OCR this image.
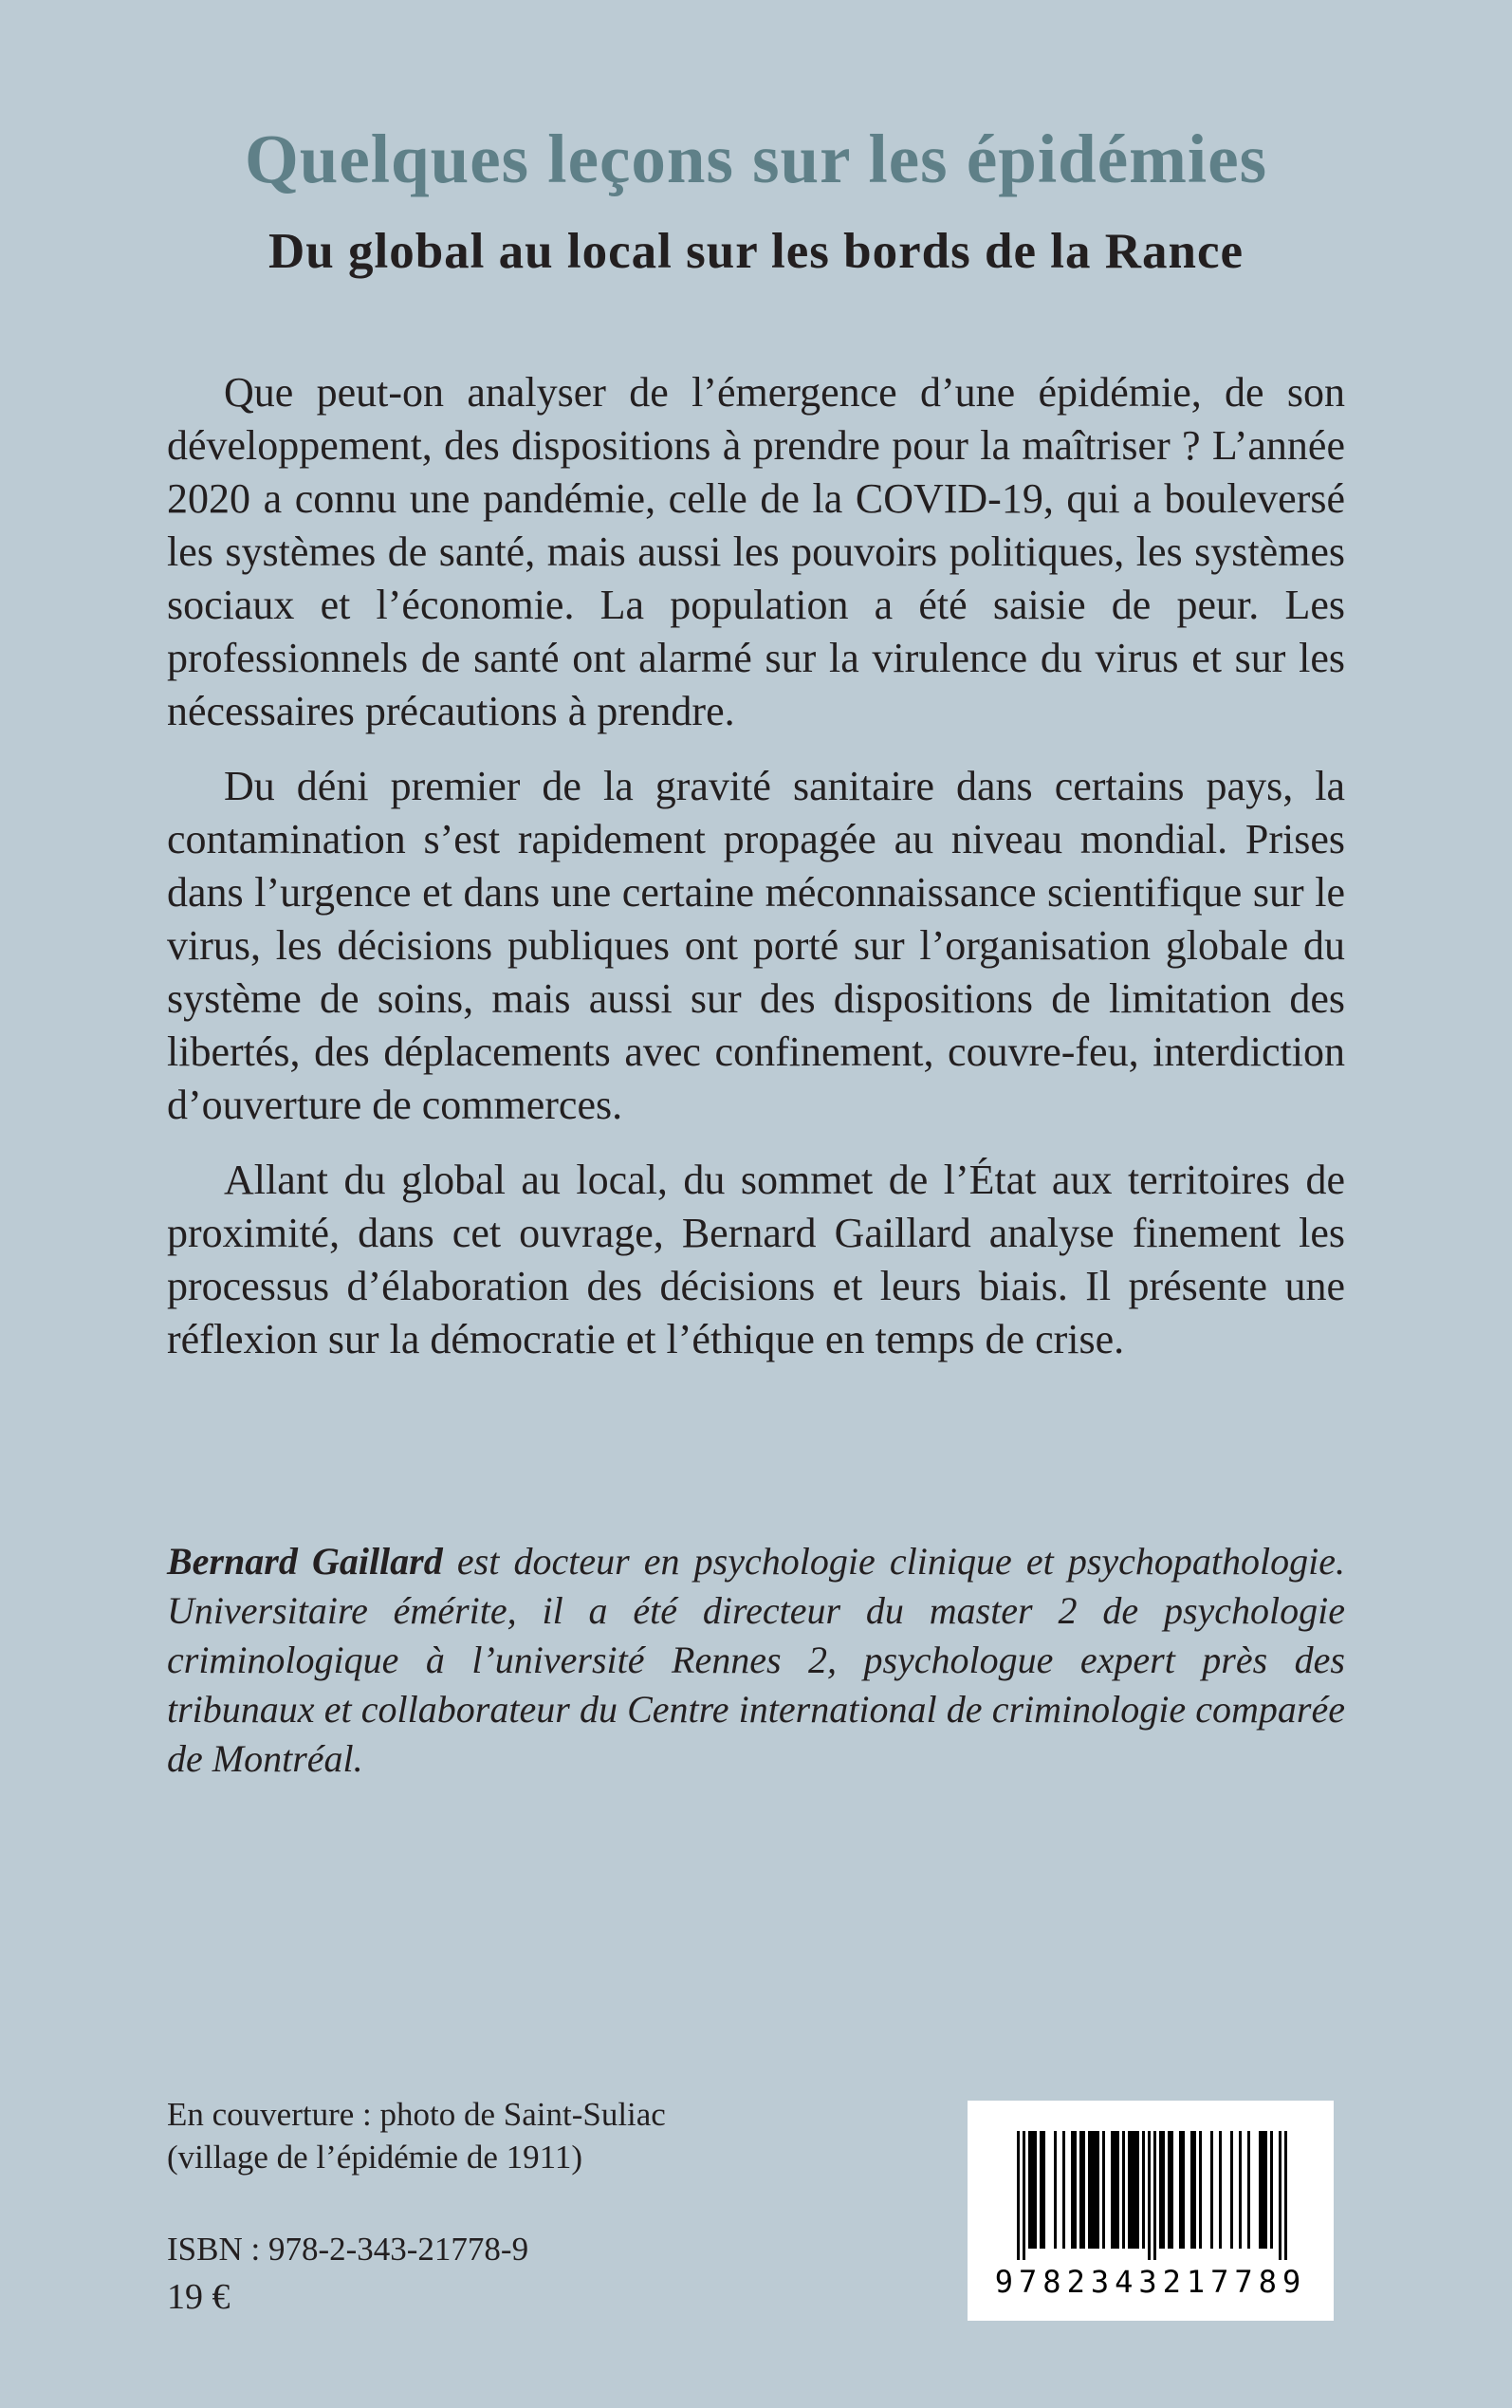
Quelques leçons sur les épidémies
Du global au local sur les bords de la Rance

Que peut-on analyser de l’émergence d’une épidémie, de son développement, des dispositions à prendre pour la maîtriser ? L’année 2020 a connu une pandémie, celle de la COVID-19, qui a bouleversé les systèmes de santé, mais aussi les pouvoirs politiques, les systèmes sociaux et l’économie. La population a été saisie de peur. Les professionnels de santé ont alarmé sur la virulence du virus et sur les nécessaires précautions à prendre.

Du déni premier de la gravité sanitaire dans certains pays, la contamination s’est rapidement propagée au niveau mondial. Prises dans l’urgence et dans une certaine méconnaissance scientifique sur le virus, les décisions publiques ont porté sur l’organisation globale du système de soins, mais aussi sur des dispositions de limitation des libertés, des déplacements avec confinement, couvre-feu, interdiction d’ouverture de commerces.

Allant du global au local, du sommet de l’État aux territoires de proximité, dans cet ouvrage, Bernard Gaillard analyse finement les processus d’élaboration des décisions et leurs biais. Il présente une réflexion sur la démocratie et l’éthique en temps de crise.

Bernard Gaillard est docteur en psychologie clinique et psychopathologie. Universitaire émérite, il a été directeur du master 2 de psychologie criminologique à l’université Rennes 2, psychologue expert près des tribunaux et collaborateur du Centre international de criminologie comparée de Montréal.

En couverture : photo de Saint-Suliac
(village de l’épidémie de 1911)
ISBN : 978-2-343-21778-9
19 €	9782343217789
